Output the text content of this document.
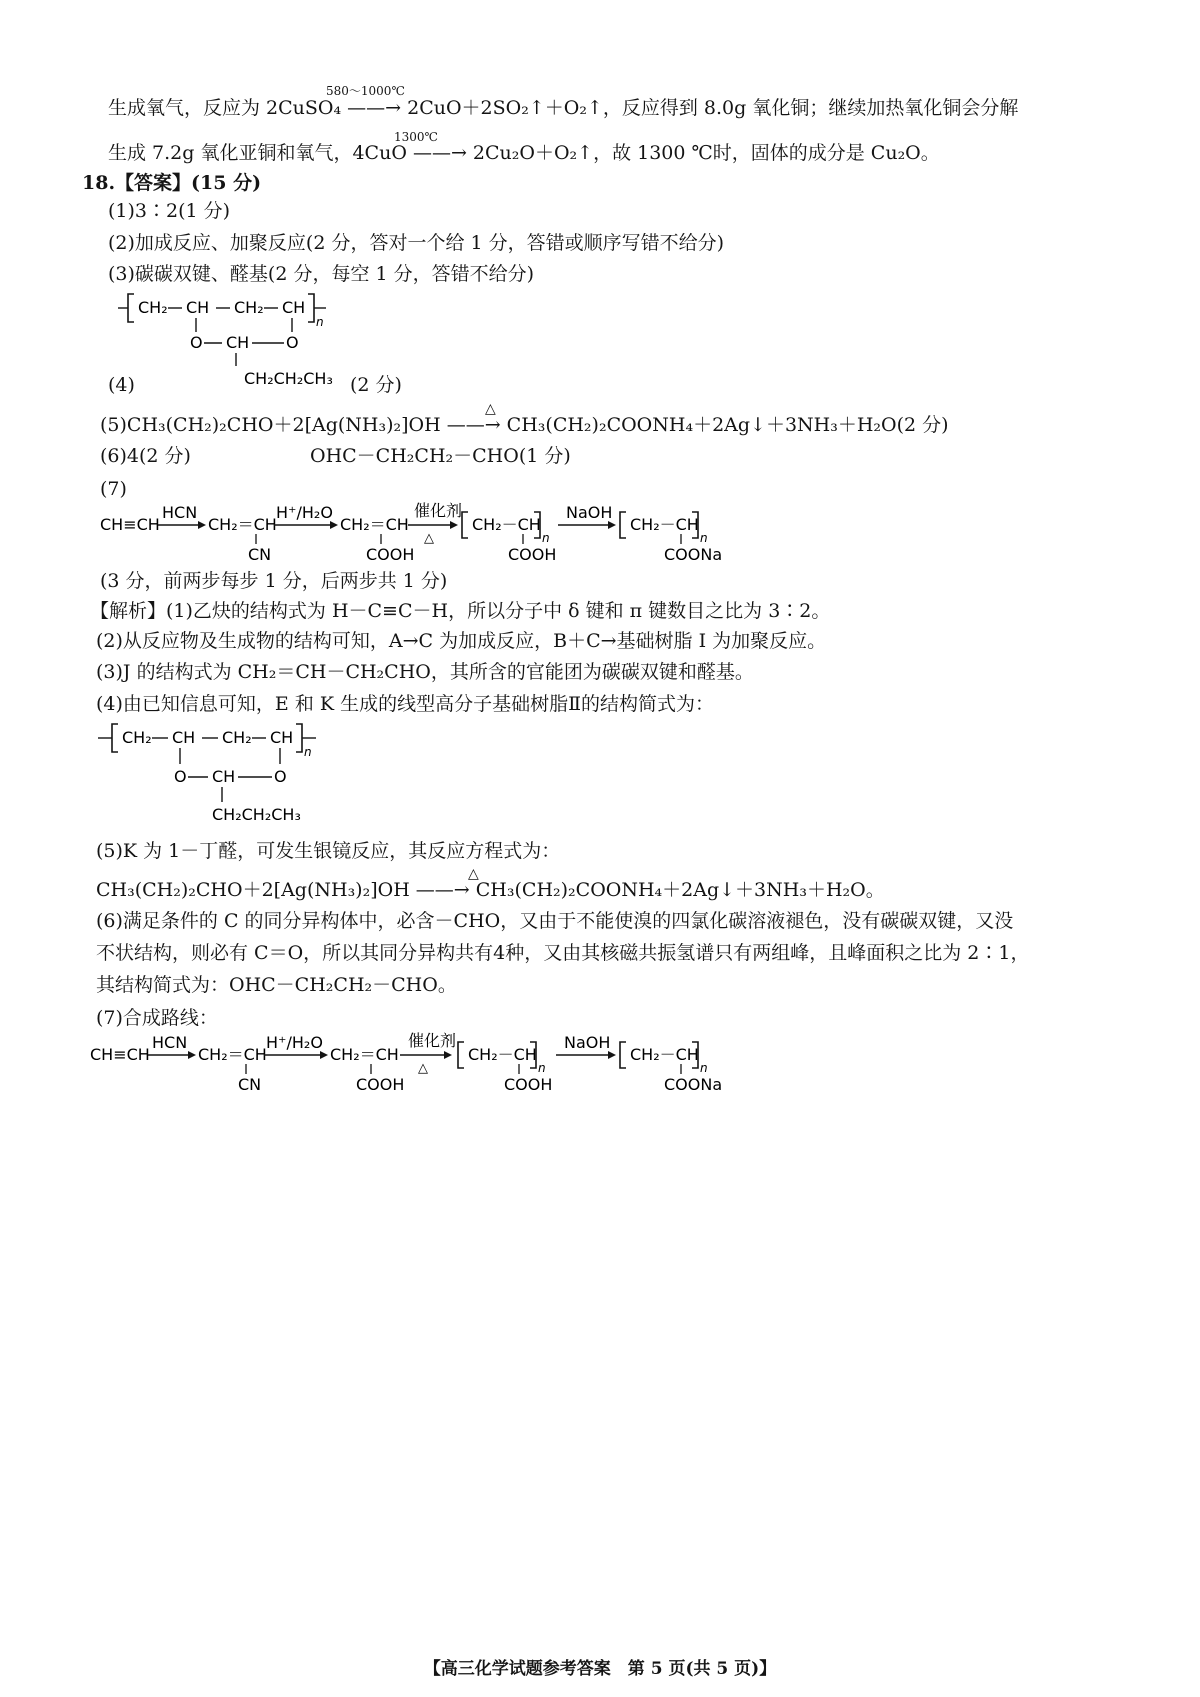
生成氧气，反应为 2CuSO₄ ——→ 2CuO＋2SO₂↑＋O₂↑，反应得到 8.0g 氧化铜；继续加热氧化铜会分解
580～1000℃
生成 7.2g 氧化亚铜和氧气，4CuO ——→ 2Cu₂O＋O₂↑，故 1300 ℃时，固体的成分是 Cu₂O。
1300℃
18.【答案】(15 分)
(1)3∶2(1 分)
(2)加成反应、加聚反应(2 分，答对一个给 1 分，答错或顺序写错不给分)
(3)碳碳双键、醛基(2 分，每空 1 分，答错不给分)
CH₂ CH CH₂ CH
n
O CH O
CH₂CH₂CH₃
(4)	(2 分)
(5)CH₃(CH₂)₂CHO＋2[Ag(NH₃)₂]OH ——→ CH₃(CH₂)₂COONH₄＋2Ag↓＋3NH₃＋H₂O(2 分)
△
(6)4(2 分)	OHC－CH₂CH₂－CHO(1 分)
(7)
CH≡CH
HCN
CH₂＝CH
CN
H⁺/H₂O
CH₂＝CH
COOH
催化剂
△
CH₂－CH
n
COOH
NaOH
CH₂－CH
n
COONa
(3 分，前两步每步 1 分，后两步共 1 分)
【解析】(1)乙炔的结构式为 H－C≡C－H，所以分子中 δ 键和 π 键数目之比为 3∶2。
(2)从反应物及生成物的结构可知，A→C 为加成反应，B＋C→基础树脂 I 为加聚反应。
(3)J 的结构式为 CH₂＝CH－CH₂CHO，其所含的官能团为碳碳双键和醛基。
(4)由已知信息可知，E 和 K 生成的线型高分子基础树脂Ⅱ的结构简式为：
CH₂ CH CH₂ CH
n
O CH O
CH₂CH₂CH₃
(5)K 为 1－丁醛，可发生银镜反应，其反应方程式为：
CH₃(CH₂)₂CHO＋2[Ag(NH₃)₂]OH ——→ CH₃(CH₂)₂COONH₄＋2Ag↓＋3NH₃＋H₂O。
△
(6)满足条件的 C 的同分异构体中，必含－CHO，又由于不能使溴的四氯化碳溶液褪色，没有碳碳双键，又没
不状结构，则必有 C＝O，所以其同分异构共有4种，又由其核磁共振氢谱只有两组峰，且峰面积之比为 2∶1，
其结构简式为：OHC－CH₂CH₂－CHO。
(7)合成路线：
CH≡CH
HCN
CH₂＝CH
CN
H⁺/H₂O
CH₂＝CH
COOH
催化剂
△
CH₂－CH
n
COOH
NaOH
CH₂－CH
n
COONa
【高三化学试题参考答案　第 5 页(共 5 页)】
